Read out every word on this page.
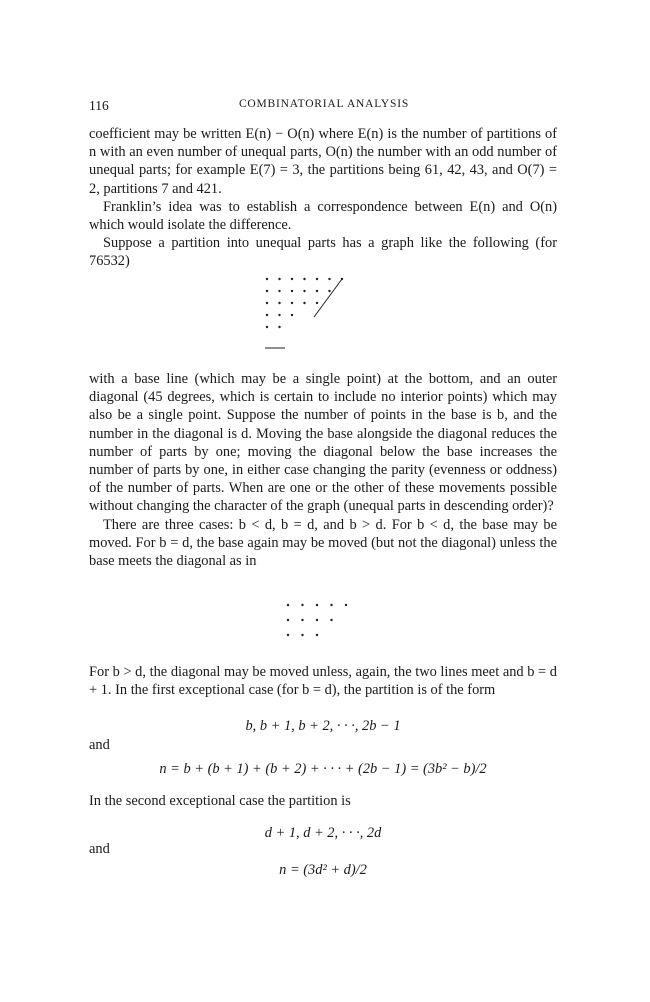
116	COMBINATORIAL ANALYSIS

coefficient may be written E(n) − O(n) where E(n) is the number of partitions of n with an even number of unequal parts, O(n) the number with an odd number of unequal parts; for example E(7) = 3, the partitions being 61, 42, 43, and O(7) = 2, partitions 7 and 421.

Franklin’s idea was to establish a correspondence between E(n) and O(n) which would isolate the difference.

Suppose a partition into unequal parts has a graph like the following (for 76532)

with a base line (which may be a single point) at the bottom, and an outer diagonal (45 degrees, which is certain to include no interior points) which may also be a single point. Suppose the number of points in the base is b, and the number in the diagonal is d. Moving the base alongside the diagonal reduces the number of parts by one; moving the diagonal below the base increases the number of parts by one, in either case changing the parity (evenness or oddness) of the number of parts. When are one or the other of these movements possible without changing the character of the graph (unequal parts in descending order)?

There are three cases: b < d, b = d, and b > d. For b < d, the base may be moved. For b = d, the base again may be moved (but not the diagonal) unless the base meets the diagonal as in

For b > d, the diagonal may be moved unless, again, the two lines meet and b = d + 1. In the first exceptional case (for b = d), the partition is of the form

b, b + 1, b + 2, · · ·, 2b − 1
and
n = b + (b + 1) + (b + 2) + · · · + (2b − 1) = (3b² − b)/2

In the second exceptional case the partition is

d + 1, d + 2, · · ·, 2d
and
n = (3d² + d)/2
